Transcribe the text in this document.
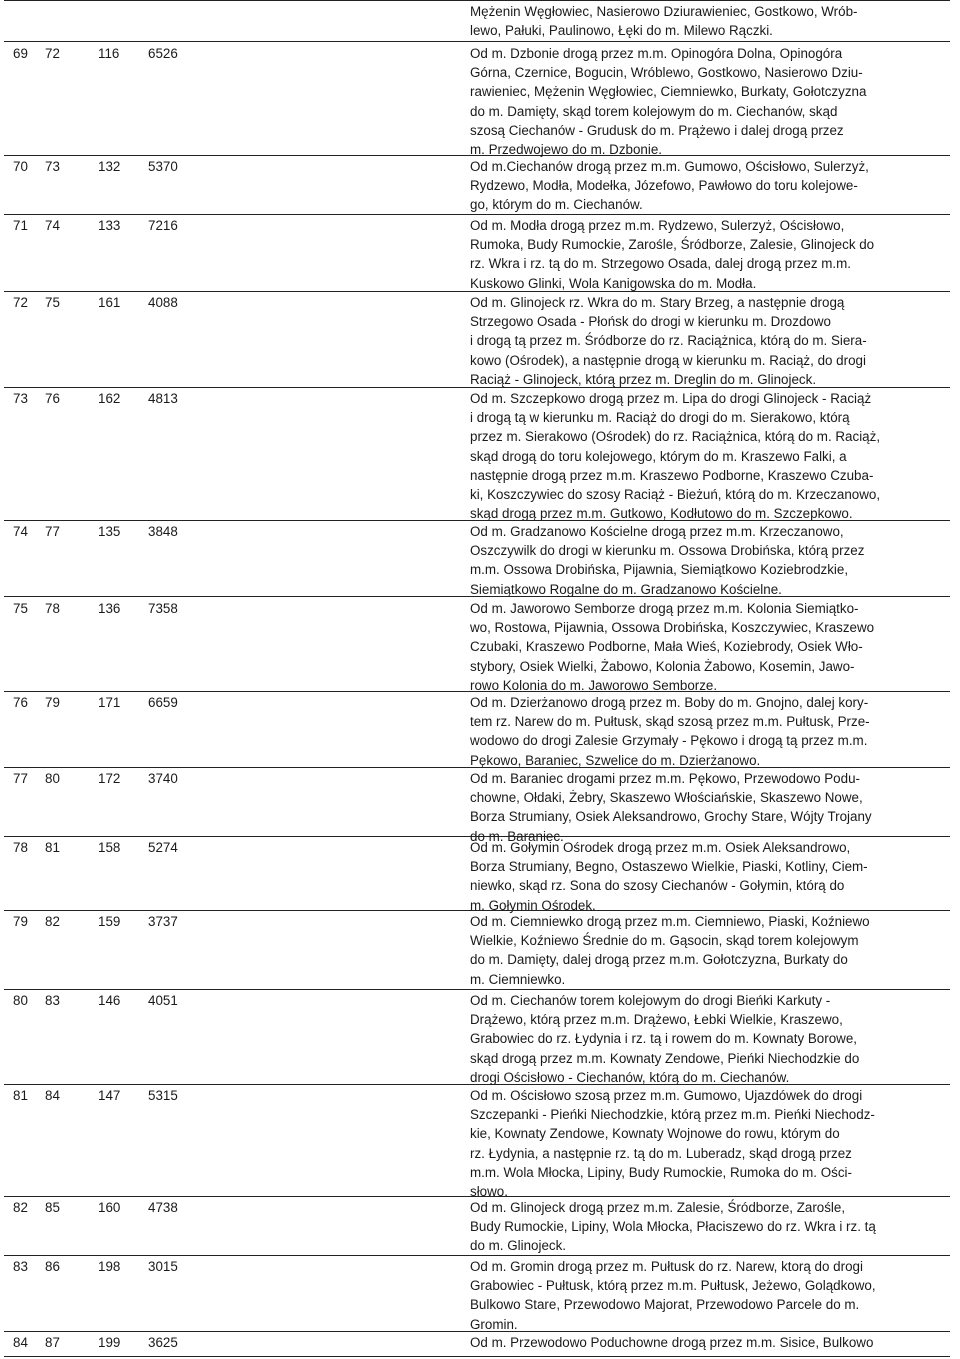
Mężenin Węgłowiec, Nasierowo Dziurawieniec, Gostkowo, Wrób-
lewo, Pałuki, Paulinowo, Łęki do m. Milewo Rączki.
69 72	116 6526	Od m. Dzbonie drogą przez m.m. Opinogóra Dolna, Opinogóra
Górna, Czernice, Bogucin, Wróblewo, Gostkowo, Nasierowo Dziu-
rawieniec, Mężenin Węgłowiec, Ciemniewko, Burkaty, Gołotczyzna
do m. Damięty, skąd torem kolejowym do m. Ciechanów, skąd
szosą Ciechanów - Grudusk do m. Prążewo i dalej drogą przez
m. Przedwojewo do m. Dzbonie.
70 73	132 5370	Od m.Ciechanów drogą przez m.m. Gumowo, Ościsłowo, Sulerzyż,
Rydzewo, Modła, Modełka, Józefowo, Pawłowo do toru kolejowe-
go, którym do m. Ciechanów.
71 74	133 7216	Od m. Modła drogą przez m.m. Rydzewo, Sulerzyż, Ościsłowo,
Rumoka, Budy Rumockie, Zarośle, Śródborze, Zalesie, Glinojeck do
rz. Wkra i rz. tą do m. Strzegowo Osada, dalej drogą przez m.m.
Kuskowo Glinki, Wola Kanigowska do m. Modła.
72 75	161 4088	Od m. Glinojeck rz. Wkra do m. Stary Brzeg, a następnie drogą
Strzegowo Osada - Płońsk do drogi w kierunku m. Drozdowo
i drogą tą przez m. Śródborze do rz. Raciążnica, którą do m. Siera-
kowo (Ośrodek), a następnie drogą w kierunku m. Raciąż, do drogi
Raciąż - Glinojeck, którą przez m. Dreglin do m. Glinojeck.
73 76	162 4813	Od m. Szczepkowo drogą przez m. Lipa do drogi Glinojeck - Raciąż
i drogą tą w kierunku m. Raciąż do drogi do m. Sierakowo, którą
przez m. Sierakowo (Ośrodek) do rz. Raciążnica, którą do m. Raciąż,
skąd drogą do toru kolejowego, którym do m. Kraszewo Falki, a
następnie drogą przez m.m. Kraszewo Podborne, Kraszewo Czuba-
ki, Koszczywiec do szosy Raciąż - Bieżuń, którą do m. Krzeczanowo,
skąd drogą przez m.m. Gutkowo, Kodłutowo do m. Szczepkowo.
74 77	135 3848	Od m. Gradzanowo Kościelne drogą przez m.m. Krzeczanowo,
Oszczywilk do drogi w kierunku m. Ossowa Drobińska, którą przez
m.m. Ossowa Drobińska, Pijawnia, Siemiątkowo Koziebrodzkie,
Siemiątkowo Rogalne do m. Gradzanowo Kościelne.
75 78	136 7358	Od m. Jaworowo Semborze drogą przez m.m. Kolonia Siemiątko-
wo, Rostowa, Pijawnia, Ossowa Drobińska, Koszczywiec, Kraszewo
Czubaki, Kraszewo Podborne, Mała Wieś, Koziebrody, Osiek Wło-
stybory, Osiek Wielki, Żabowo, Kolonia Żabowo, Kosemin, Jawo-
rowo Kolonia do m. Jaworowo Semborze.
76 79	171 6659	Od m. Dzierżanowo drogą przez m. Boby do m. Gnojno, dalej kory-
tem rz. Narew do m. Pułtusk, skąd szosą przez m.m. Pułtusk, Prze-
wodowo do drogi Zalesie Grzymały - Pękowo i drogą tą przez m.m.
Pękowo, Baraniec, Szwelice do m. Dzierżanowo.
77 80	172 3740	Od m. Baraniec drogami przez m.m. Pękowo, Przewodowo Podu-
chowne, Ołdaki, Żebry, Skaszewo Włościańskie, Skaszewo Nowe,
Borza Strumiany, Osiek Aleksandrowo, Grochy Stare, Wójty Trojany
do m. Baraniec.
78 81	158 5274	Od m. Gołymin Ośrodek drogą przez m.m. Osiek Aleksandrowo,
Borza Strumiany, Begno, Ostaszewo Wielkie, Piaski, Kotliny, Ciem-
niewko, skąd rz. Sona do szosy Ciechanów - Gołymin, którą do
m. Gołymin Ośrodek.
79 82	159 3737	Od m. Ciemniewko drogą przez m.m. Ciemniewo, Piaski, Koźniewo
Wielkie, Koźniewo Średnie do m. Gąsocin, skąd torem kolejowym
do m. Damięty, dalej drogą przez m.m. Gołotczyzna, Burkaty do
m. Ciemniewko.
80 83	146 4051	Od m. Ciechanów torem kolejowym do drogi Bieńki Karkuty -
Drążewo, którą przez m.m. Drążewo, Łebki Wielkie, Kraszewo,
Grabowiec do rz. Łydynia i rz. tą i rowem do m. Kownaty Borowe,
skąd drogą przez m.m. Kownaty Zendowe, Pieńki Niechodzkie do
drogi Ościsłowo - Ciechanów, którą do m. Ciechanów.
81 84	147 5315	Od m. Ościsłowo szosą przez m.m. Gumowo, Ujazdówek do drogi
Szczepanki - Pieńki Niechodzkie, którą przez m.m. Pieńki Niechodz-
kie, Kownaty Zendowe, Kownaty Wojnowe do rowu, którym do
rz. Łydynia, a następnie rz. tą do m. Luberadz, skąd drogą przez
m.m. Wola Młocka, Lipiny, Budy Rumockie, Rumoka do m. Ości-
słowo.
82 85	160 4738	Od m. Glinojeck drogą przez m.m. Zalesie, Śródborze, Zarośle,
Budy Rumockie, Lipiny, Wola Młocka, Płaciszewo do rz. Wkra i rz. tą
do m. Glinojeck.
83 86	198 3015	Od m. Gromin drogą przez m. Pułtusk do rz. Narew, ktorą do drogi
Grabowiec - Pułtusk, którą przez m.m. Pułtusk, Jeżewo, Golądkowo,
Bulkowo Stare, Przewodowo Majorat, Przewodowo Parcele do m.
Gromin.
84 87	199 3625	Od m. Przewodowo Poduchowne drogą przez m.m. Sisice, Bulkowo
